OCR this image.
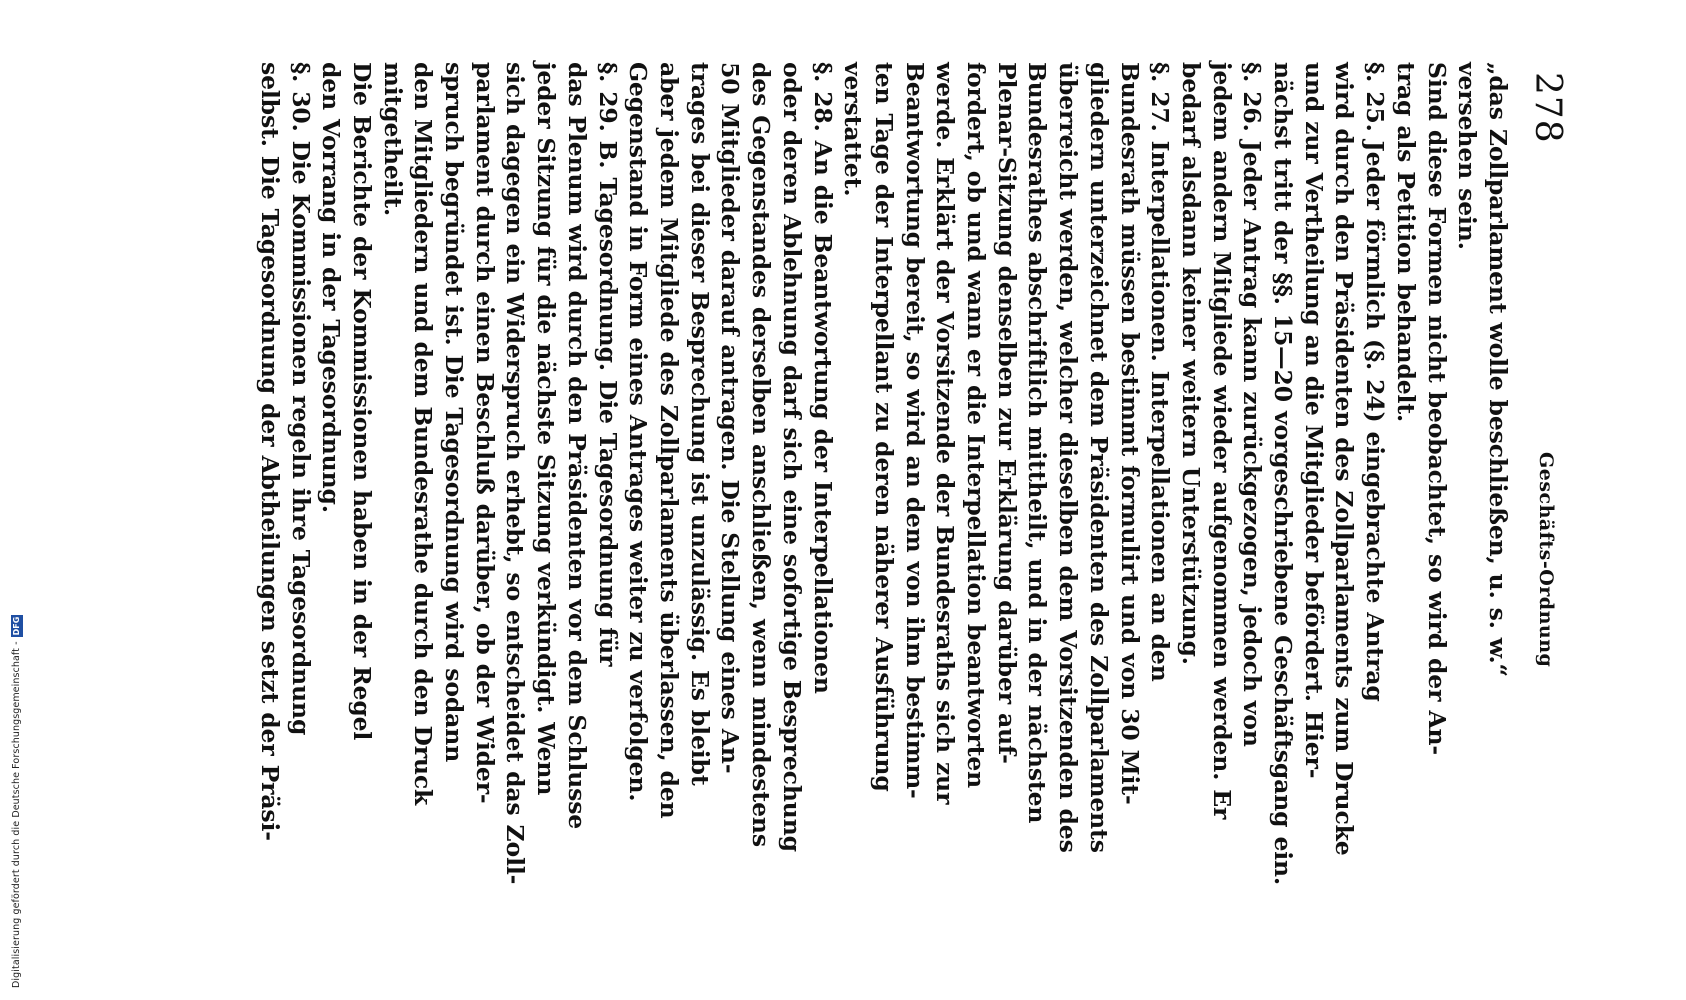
Digitalisierung gefördert durch die Deutsche Forschungsgemeinschaft -
DFG
278
Geschäfts-Ordnung
„das Zollparlament wolle beschließen, u. s. w.“
versehen sein.
Sind diese Formen nicht beobachtet, so wird der An-
trag als Petition behandelt.
§. 25. Jeder förmlich (§. 24) eingebrachte Antrag
wird durch den Präsidenten des Zollparlaments zum Drucke
und zur Vertheilung an die Mitglieder befördert. Hier-
nächst tritt der §§. 15—20 vorgeschriebene Geschäftsgang ein.
§. 26. Jeder Antrag kann zurückgezogen, jedoch von
jedem andern Mitgliede wieder aufgenommen werden. Er
bedarf alsdann keiner weitern Unterstützung.
§. 27. Interpellationen. Interpellationen an den
Bundesrath müssen bestimmt formulirt und von 30 Mit-
gliedern unterzeichnet dem Präsidenten des Zollparlaments
überreicht werden, welcher dieselben dem Vorsitzenden des
Bundesrathes abschriftlich mittheilt, und in der nächsten
Plenar-Sitzung denselben zur Erklärung darüber auf-
fordert, ob und wann er die Interpellation beantworten
werde. Erklärt der Vorsitzende der Bundesraths sich zur
Beantwortung bereit, so wird an dem von ihm bestimm-
ten Tage der Interpellant zu deren näherer Ausführung
verstattet.
§. 28. An die Beantwortung der Interpellationen
oder deren Ablehnung darf sich eine sofortige Besprechung
des Gegenstandes derselben anschließen, wenn mindestens
50 Mitglieder darauf antragen. Die Stellung eines An-
trages bei dieser Besprechung ist unzulässig. Es bleibt
aber jedem Mitgliede des Zollparlaments überlassen, den
Gegenstand in Form eines Antrages weiter zu verfolgen.
§. 29. B. Tagesordnung. Die Tagesordnung für
das Plenum wird durch den Präsidenten vor dem Schlusse
jeder Sitzung für die nächste Sitzung verkündigt. Wenn
sich dagegen ein Widerspruch erhebt, so entscheidet das Zoll-
parlament durch einen Beschluß darüber, ob der Wider-
spruch begründet ist. Die Tagesordnung wird sodann
den Mitgliedern und dem Bundesrathe durch den Druck
mitgetheilt.
Die Berichte der Kommissionen haben in der Regel
den Vorrang in der Tagesordnung.
§. 30. Die Kommissionen regeln ihre Tagesordnung
selbst. Die Tagesordnung der Abtheilungen setzt der Präsi-
